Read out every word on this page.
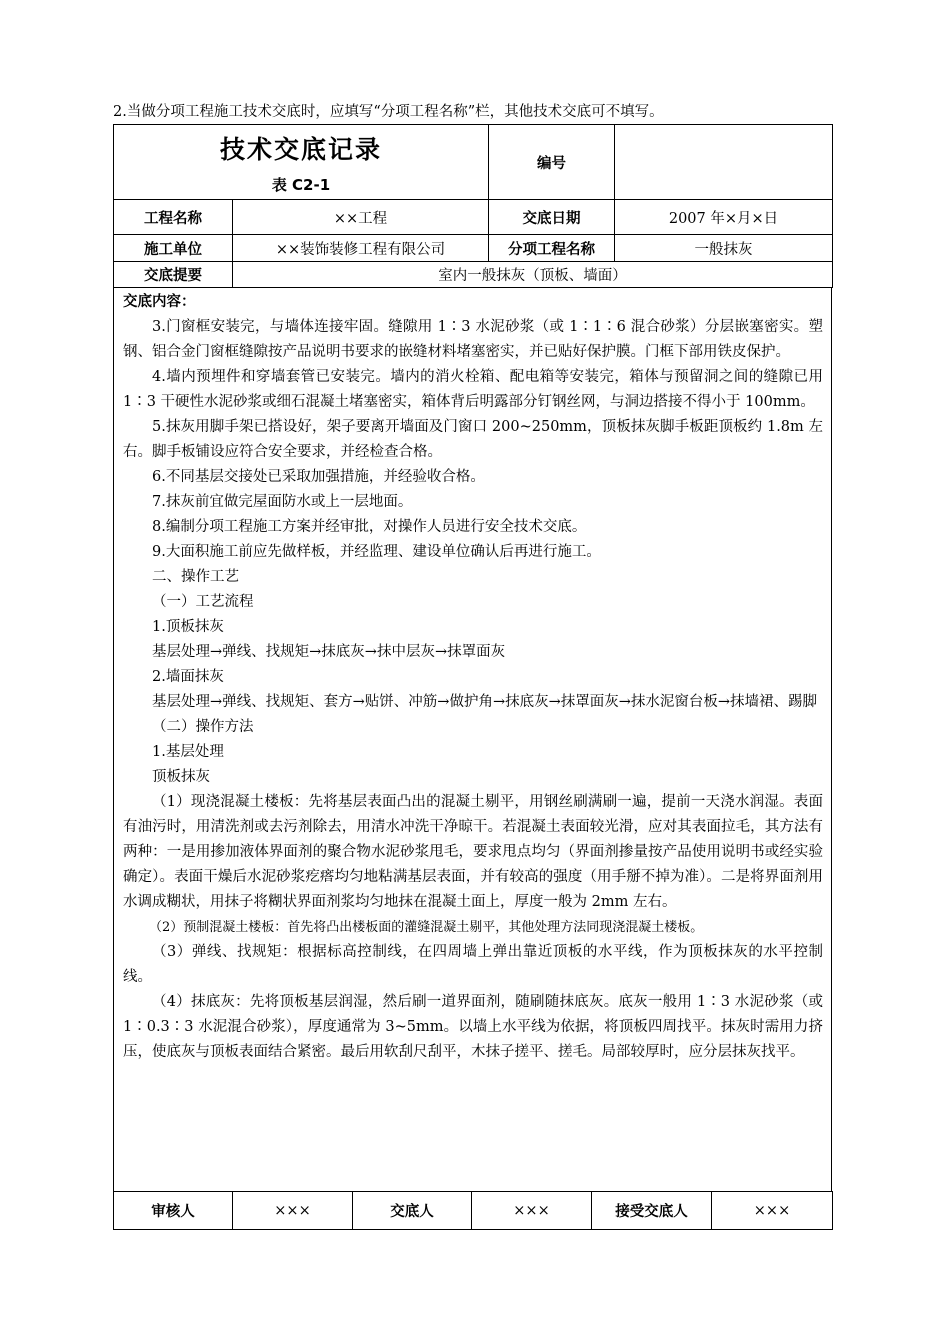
2.当做分项工程施工技术交底时，应填写“分项工程名称”栏，其他技术交底可不填写。
技术交底记录
表 C2-1		编号	
工程名称	××工程	交底日期	2007 年×月×日
施工单位	××装饰装修工程有限公司	分项工程名称	一般抹灰
交底提要	室内一般抹灰（顶板、墙面）		
交底内容：

3.门窗框安装完，与墙体连接牢固。缝隙用 1∶3 水泥砂浆（或 1∶1∶6 混合砂浆）分层嵌塞密实。塑钢、铝合金门窗框缝隙按产品说明书要求的嵌缝材料堵塞密实，并已贴好保护膜。门框下部用铁皮保护。

4.墙内预埋件和穿墙套管已安装完。墙内的消火栓箱、配电箱等安装完，箱体与预留洞之间的缝隙已用 1∶3 干硬性水泥砂浆或细石混凝土堵塞密实，箱体背后明露部分钉钢丝网，与洞边搭接不得小于 100mm。

5.抹灰用脚手架已搭设好，架子要离开墙面及门窗口 200~250mm，顶板抹灰脚手板距顶板约 1.8m 左右。脚手板铺设应符合安全要求，并经检查合格。

6.不同基层交接处已采取加强措施，并经验收合格。

7.抹灰前宜做完屋面防水或上一层地面。

8.编制分项工程施工方案并经审批，对操作人员进行安全技术交底。

9.大面积施工前应先做样板，并经监理、建设单位确认后再进行施工。

二、操作工艺

（一）工艺流程

1.顶板抹灰

基层处理→弹线、找规矩→抹底灰→抹中层灰→抹罩面灰

2.墙面抹灰

基层处理→弹线、找规矩、套方→贴饼、冲筋→做护角→抹底灰→抹罩面灰→抹水泥窗台板→抹墙裙、踢脚

（二）操作方法

1.基层处理

顶板抹灰

（1）现浇混凝土楼板：先将基层表面凸出的混凝土剔平，用钢丝刷满刷一遍，提前一天浇水润湿。表面有油污时，用清洗剂或去污剂除去，用清水冲洗干净晾干。若混凝土表面较光滑，应对其表面拉毛，其方法有两种：一是用掺加液体界面剂的聚合物水泥砂浆甩毛，要求甩点均匀（界面剂掺量按产品使用说明书或经实验确定）。表面干燥后水泥砂浆疙瘩均匀地粘满基层表面，并有较高的强度（用手掰不掉为准）。二是将界面剂用水调成糊状，用抹子将糊状界面剂浆均匀地抹在混凝土面上，厚度一般为 2mm 左右。

（2）预制混凝土楼板：首先将凸出楼板面的灌缝混凝土剔平，其他处理方法同现浇混凝土楼板。

（3）弹线、找规矩：根据标高控制线，在四周墙上弹出靠近顶板的水平线，作为顶板抹灰的水平控制线。

（4）抹底灰：先将顶板基层润湿，然后刷一道界面剂，随刷随抹底灰。底灰一般用 1∶3 水泥砂浆（或 1∶0.3∶3 水泥混合砂浆），厚度通常为 3~5mm。以墙上水平线为依据，将顶板四周找平。抹灰时需用力挤压，使底灰与顶板表面结合紧密。最后用软刮尺刮平，木抹子搓平、搓毛。局部较厚时，应分层抹灰找平。

审核人	×××	交底人	×××	接受交底人	×××
